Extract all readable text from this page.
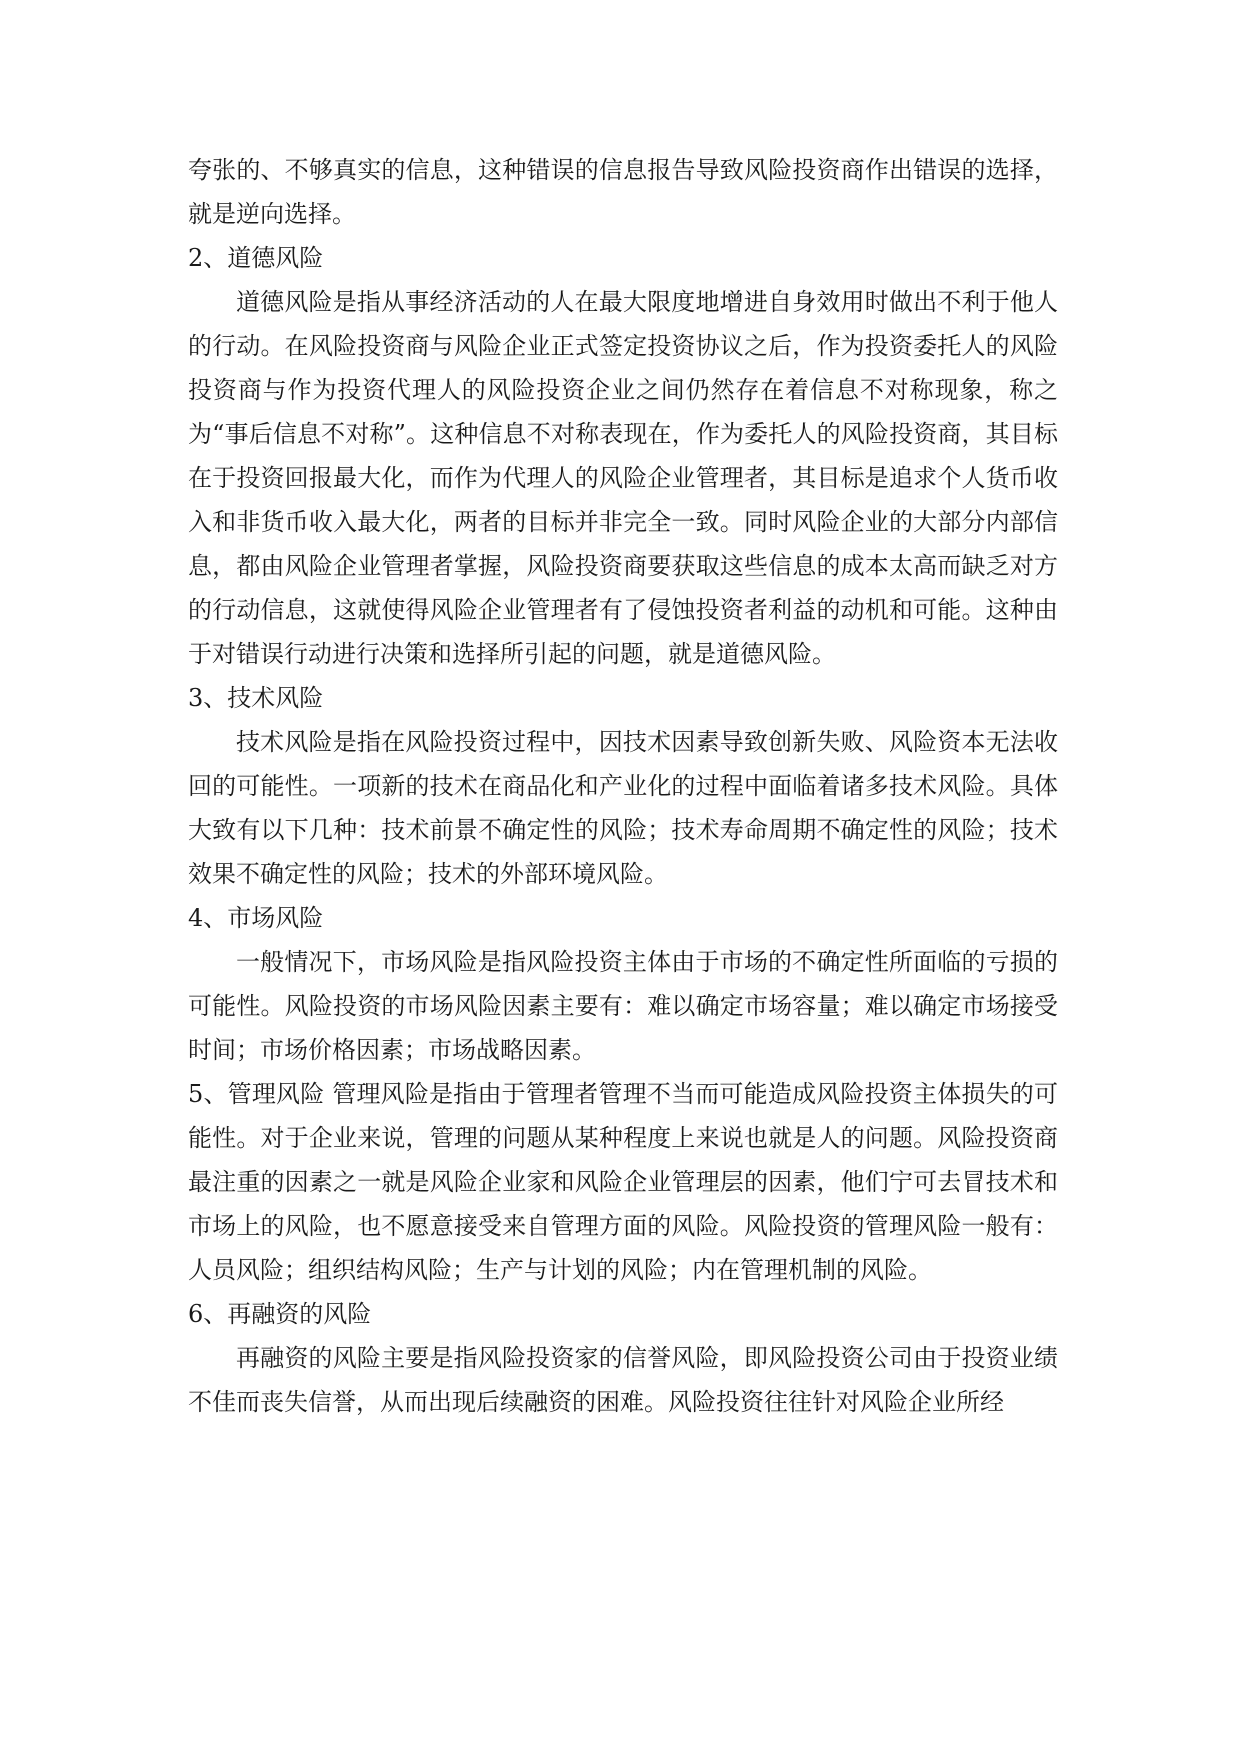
夸张的、不够真实的信息，这种错误的信息报告导致风险投资商作出错误的选择，就是逆向选择。

2、道德风险

道德风险是指从事经济活动的人在最大限度地增进自身效用时做出不利于他人的行动。在风险投资商与风险企业正式签定投资协议之后，作为投资委托人的风险投资商与作为投资代理人的风险投资企业之间仍然存在着信息不对称现象，称之为“事后信息不对称”。这种信息不对称表现在，作为委托人的风险投资商，其目标在于投资回报最大化，而作为代理人的风险企业管理者，其目标是追求个人货币收入和非货币收入最大化，两者的目标并非完全一致。同时风险企业的大部分内部信息，都由风险企业管理者掌握，风险投资商要获取这些信息的成本太高而缺乏对方的行动信息，这就使得风险企业管理者有了侵蚀投资者利益的动机和可能。这种由于对错误行动进行决策和选择所引起的问题，就是道德风险。

3、技术风险

技术风险是指在风险投资过程中，因技术因素导致创新失败、风险资本无法收回的可能性。一项新的技术在商品化和产业化的过程中面临着诸多技术风险。具体大致有以下几种：技术前景不确定性的风险；技术寿命周期不确定性的风险；技术效果不确定性的风险；技术的外部环境风险。

4、市场风险

一般情况下，市场风险是指风险投资主体由于市场的不确定性所面临的亏损的可能性。风险投资的市场风险因素主要有：难以确定市场容量；难以确定市场接受时间；市场价格因素；市场战略因素。

5、管理风险 管理风险是指由于管理者管理不当而可能造成风险投资主体损失的可能性。对于企业来说，管理的问题从某种程度上来说也就是人的问题。风险投资商最注重的因素之一就是风险企业家和风险企业管理层的因素，他们宁可去冒技术和市场上的风险，也不愿意接受来自管理方面的风险。风险投资的管理风险一般有：人员风险；组织结构风险；生产与计划的风险；内在管理机制的风险。

6、再融资的风险

再融资的风险主要是指风险投资家的信誉风险，即风险投资公司由于投资业绩不佳而丧失信誉，从而出现后续融资的困难。风险投资往往针对风险企业所经
